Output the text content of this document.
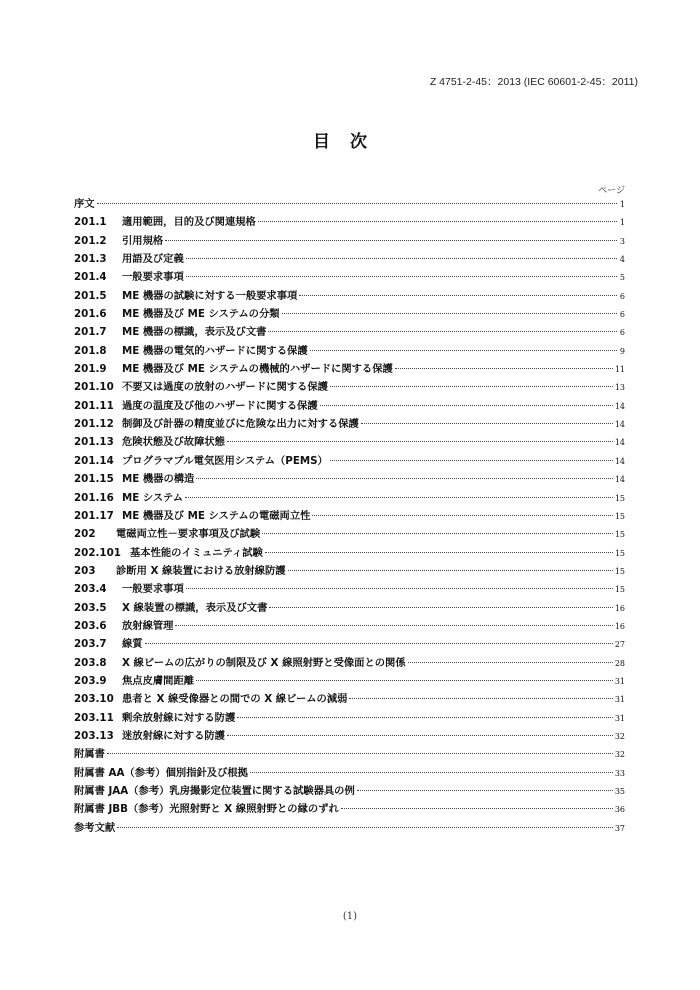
Z 4751-2-45：2013 (IEC 60601-2-45：2011)
目次
ページ
序文	1
201.1	適用範囲，目的及び関連規格	1
201.2	引用規格	3
201.3	用語及び定義	4
201.4	一般要求事項	5
201.5	ME 機器の試験に対する一般要求事項	6
201.6	ME 機器及び ME システムの分類	6
201.7	ME 機器の標識，表示及び文書	6
201.8	ME 機器の電気的ハザードに関する保護	9
201.9	ME 機器及び ME システムの機械的ハザードに関する保護	11
201.10 不要又は過度の放射のハザードに関する保護	13
201.11 過度の温度及び他のハザードに関する保護	14
201.12 制御及び計器の精度並びに危険な出力に対する保護	14
201.13 危険状態及び故障状態	14
201.14 プログラマブル電気医用システム（PEMS）	14
201.15 ME 機器の構造	14
201.16 ME システム	15
201.17 ME 機器及び ME システムの電磁両立性	15
202	電磁両立性－要求事項及び試験	15
202.101 基本性能のイミュニティ試験	15
203	診断用 X 線装置における放射線防護	15
203.4	一般要求事項	15
203.5	X 線装置の標識，表示及び文書	16
203.6	放射線管理	16
203.7	線質	27
203.8	X 線ビームの広がりの制限及び X 線照射野と受像面との関係	28
203.9	焦点皮膚間距離	31
203.10 患者と X 線受像器との間での X 線ビームの減弱	31
203.11 剰余放射線に対する防護	31
203.13 迷放射線に対する防護	32
附属書	32
附属書 AA（参考）個別指針及び根拠	33
附属書 JAA（参考）乳房撮影定位装置に関する試験器具の例	35
附属書 JBB（参考）光照射野と X 線照射野との縁のずれ	36
参考文献	37
(1)
